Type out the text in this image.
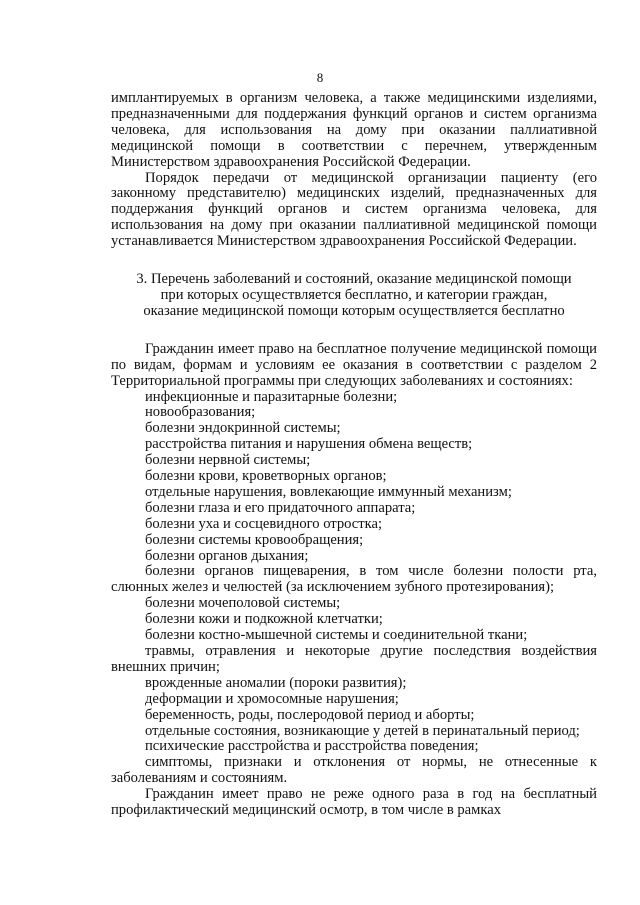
8

имплантируемых в организм человека, а также медицинскими изделиями, предназначенными для поддержания функций органов и систем организма человека, для использования на дому при оказании паллиативной медицинской помощи в соответствии с перечнем, утвержденным Министерством здравоохранения Российской Федерации.

Порядок передачи от медицинской организации пациенту (его законному представителю) медицинских изделий, предназначенных для поддержания функций органов и систем организма человека, для использования на дому при оказании паллиативной медицинской помощи устанавливается Министерством здравоохранения Российской Федерации.

3. Перечень заболеваний и состояний, оказание медицинской помощи

при которых осуществляется бесплатно, и категории граждан,

оказание медицинской помощи которым осуществляется бесплатно

Гражданин имеет право на бесплатное получение медицинской помощи по видам, формам и условиям ее оказания в соответствии с разделом 2 Территориальной программы при следующих заболеваниях и состояниях:

инфекционные и паразитарные болезни;

новообразования;

болезни эндокринной системы;

расстройства питания и нарушения обмена веществ;

болезни нервной системы;

болезни крови, кроветворных органов;

отдельные нарушения, вовлекающие иммунный механизм;

болезни глаза и его придаточного аппарата;

болезни уха и сосцевидного отростка;

болезни системы кровообращения;

болезни органов дыхания;

болезни органов пищеварения, в том числе болезни полости рта, слюнных желез и челюстей (за исключением зубного протезирования);

болезни мочеполовой системы;

болезни кожи и подкожной клетчатки;

болезни костно-мышечной системы и соединительной ткани;

травмы, отравления и некоторые другие последствия воздействия внешних причин;

врожденные аномалии (пороки развития);

деформации и хромосомные нарушения;

беременность, роды, послеродовой период и аборты;

отдельные состояния, возникающие у детей в перинатальный период;

психические расстройства и расстройства поведения;

симптомы, признаки и отклонения от нормы, не отнесенные к заболеваниям и состояниям.

Гражданин имеет право не реже одного раза в год на бесплатный профилактический медицинский осмотр, в том числе в рамках
